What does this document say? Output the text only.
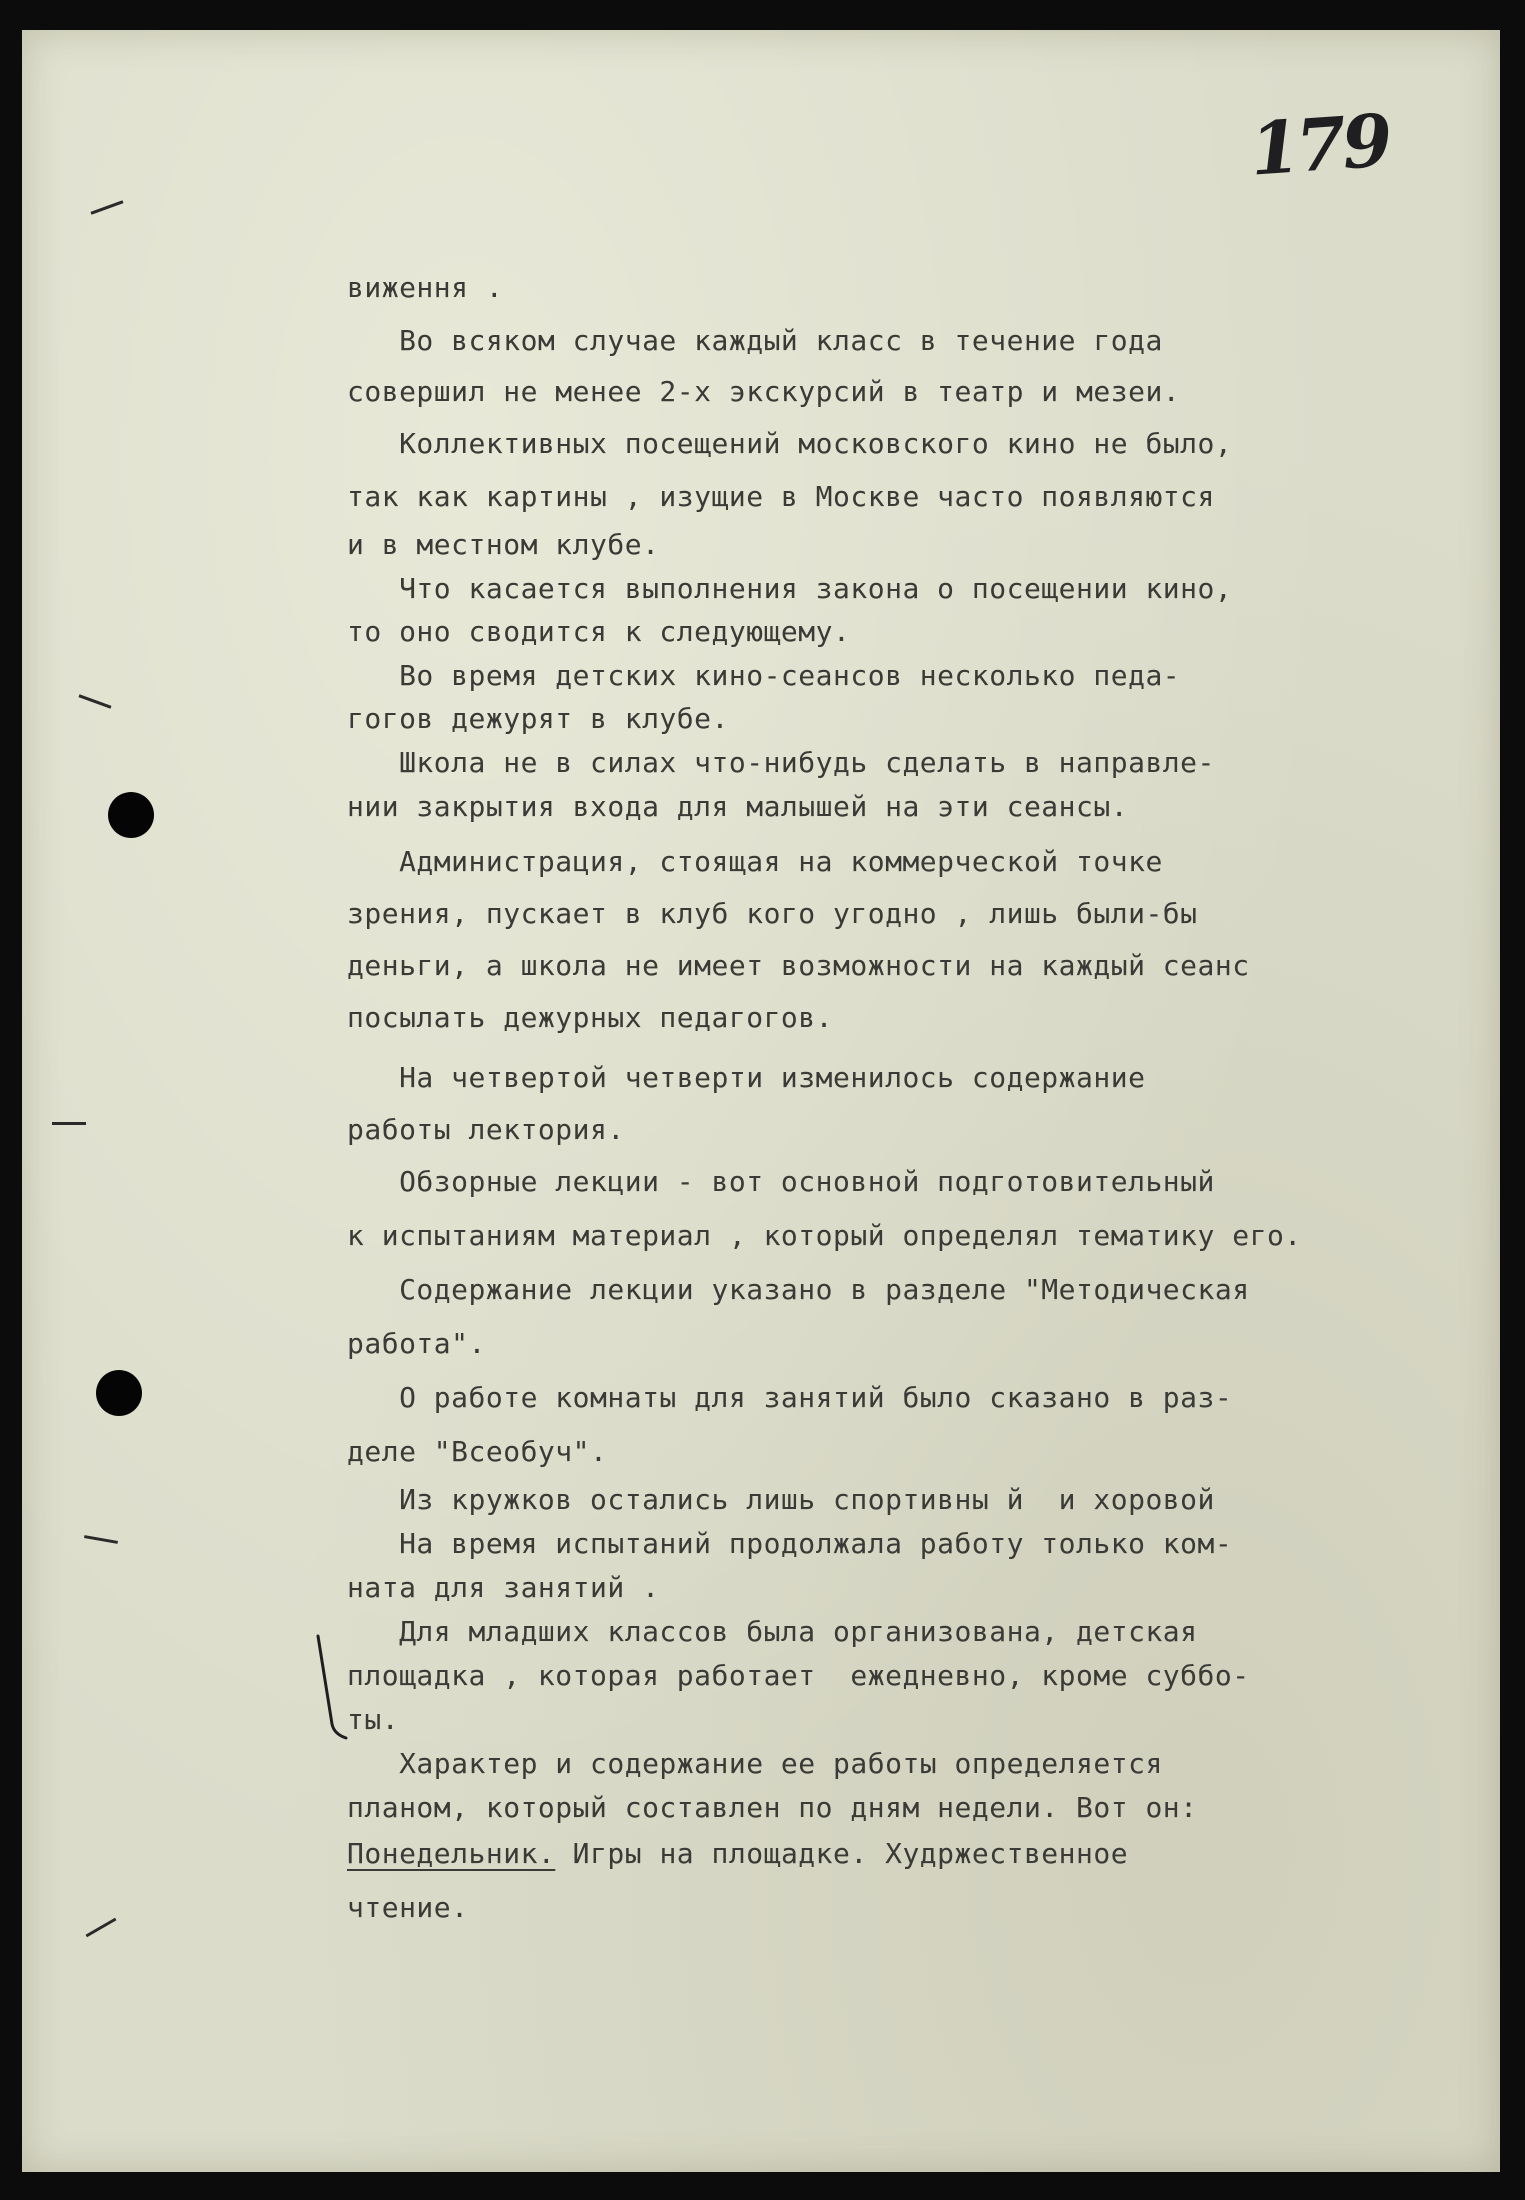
179
виження .
Во всяком случае каждый класс в течение года
совершил не менее 2-х экскурсий в театр и мезеи.
Коллективных посещений московского кино не было,
так как картины , изущие в Москве часто появляются
и в местном клубе.
Что касается выполнения закона о посещении кино,
то оно сводится к следующему.
Во время детских кино-сеансов несколько педа-
гогов дежурят в клубе.
Школа не в силах что-нибудь сделать в направле-
нии закрытия входа для малышей на эти сеансы.
Администрация, стоящая на коммерческой точке
зрения, пускает в клуб кого угодно , лишь были-бы
деньги, а школа не имеет возможности на каждый сеанс
посылать дежурных педагогов.
На четвертой четверти изменилось содержание
работы лектория.
Обзорные лекции - вот основной подготовительный
к испытаниям материал , который определял тематику его.
Содержание лекции указано в разделе "Методическая
работа".
О работе комнаты для занятий было сказано в раз-
деле "Всеобуч".
Из кружков остались лишь спортивны й  и хоровой
На время испытаний продолжала работу только ком-
ната для занятий .
Для младших классов была организована, детская
площадка , которая работает  ежедневно, кроме суббо-
ты.
Характер и содержание ее работы определяется
планом, который составлен по дням недели. Вот он:
Понедельник. Игры на площадке. Худржественное
чтение.
